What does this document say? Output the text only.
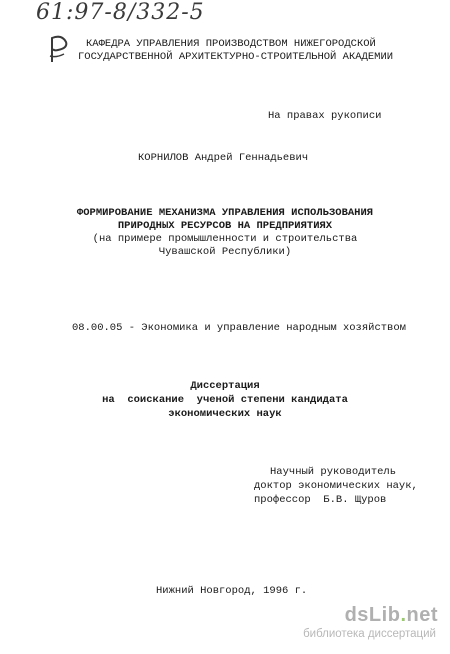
61:97-8/332-5
КАФЕДРА УПРАВЛЕНИЯ ПРОИЗВОДСТВОМ НИЖЕГОРОДСКОЙ
ГОСУДАРСТВЕННОЙ АРХИТЕКТУРНО-СТРОИТЕЛЬНОЙ АКАДЕМИИ
На правах рукописи
КОРНИЛОВ Андрей Геннадьевич
ФОРМИРОВАНИЕ МЕХАНИЗМА УПРАВЛЕНИЯ ИСПОЛЬЗОВАНИЯ
ПРИРОДНЫХ РЕСУРСОВ НА ПРЕДПРИЯТИЯХ
(на примере промышленности и строительства
Чувашской Республики)
08.00.05 - Экономика и управление народным хозяйством
Диссертация
на  соискание  ученой степени кандидата
экономических наук
Научный руководитель
доктор экономических наук,
профессор  Б.В. Щуров
Нижний Новгород, 1996 г.
dsLib.net
библиотека диссертаций
